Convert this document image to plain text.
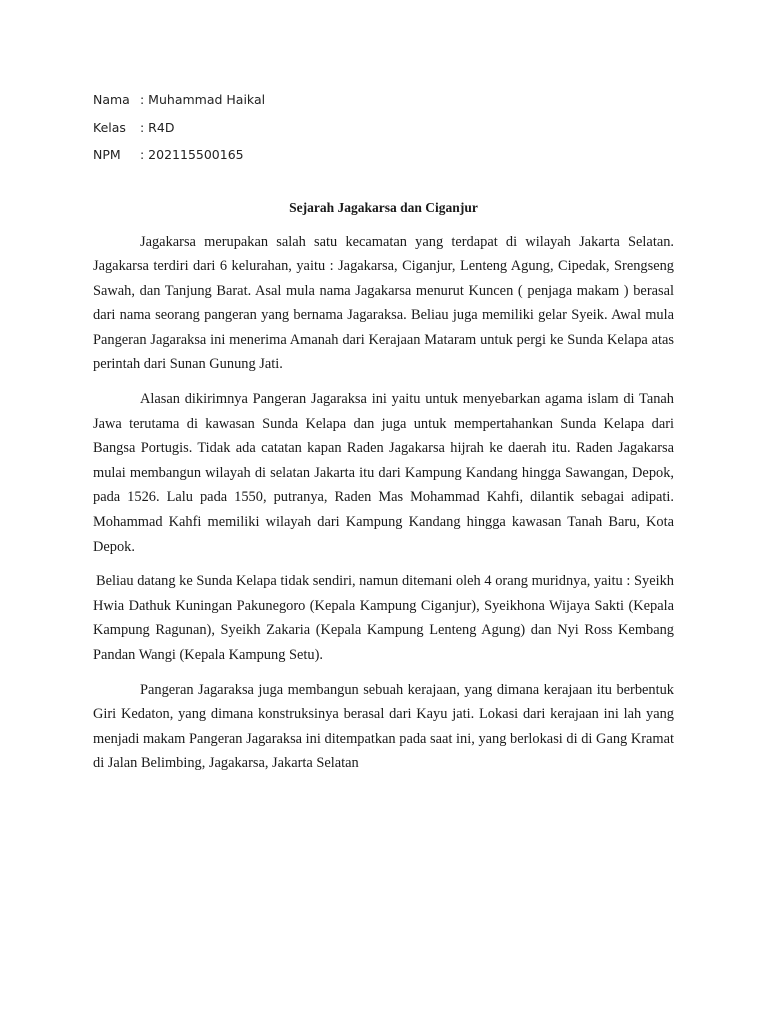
Nama : Muhammad Haikal
Kelas	: R4D
NPM	: 202115500165
Sejarah Jagakarsa dan Ciganjur

Jagakarsa merupakan salah satu kecamatan yang terdapat di wilayah Jakarta Selatan. Jagakarsa terdiri dari 6 kelurahan, yaitu : Jagakarsa, Ciganjur, Lenteng Agung, Cipedak, Srengseng Sawah, dan Tanjung Barat. Asal mula nama Jagakarsa menurut Kuncen ( penjaga makam ) berasal dari nama seorang pangeran yang bernama Jagaraksa. Beliau juga memiliki gelar Syeik. Awal mula Pangeran Jagaraksa ini menerima Amanah dari Kerajaan Mataram untuk pergi ke Sunda Kelapa atas perintah dari Sunan Gunung Jati.

Alasan dikirimnya Pangeran Jagaraksa ini yaitu untuk menyebarkan agama islam di Tanah Jawa terutama di kawasan Sunda Kelapa dan juga untuk mempertahankan Sunda Kelapa dari Bangsa Portugis. Tidak ada catatan kapan Raden Jagakarsa hijrah ke daerah itu. Raden Jagakarsa mulai membangun wilayah di selatan Jakarta itu dari Kampung Kandang hingga Sawangan, Depok, pada 1526. Lalu pada 1550, putranya, Raden Mas Mohammad Kahfi, dilantik sebagai adipati. Mohammad Kahfi memiliki wilayah dari Kampung Kandang hingga kawasan Tanah Baru, Kota Depok.

Beliau datang ke Sunda Kelapa tidak sendiri, namun ditemani oleh 4 orang muridnya, yaitu : Syeikh Hwia Dathuk Kuningan Pakunegoro (Kepala Kampung Ciganjur), Syeikhona Wijaya Sakti (Kepala Kampung Ragunan), Syeikh Zakaria (Kepala Kampung Lenteng Agung) dan Nyi Ross Kembang Pandan Wangi (Kepala Kampung Setu).

Pangeran Jagaraksa juga membangun sebuah kerajaan, yang dimana kerajaan itu berbentuk Giri Kedaton, yang dimana konstruksinya berasal dari Kayu jati. Lokasi dari kerajaan ini lah yang menjadi makam Pangeran Jagaraksa ini ditempatkan pada saat ini, yang berlokasi di di Gang Kramat di Jalan Belimbing, Jagakarsa, Jakarta Selatan
